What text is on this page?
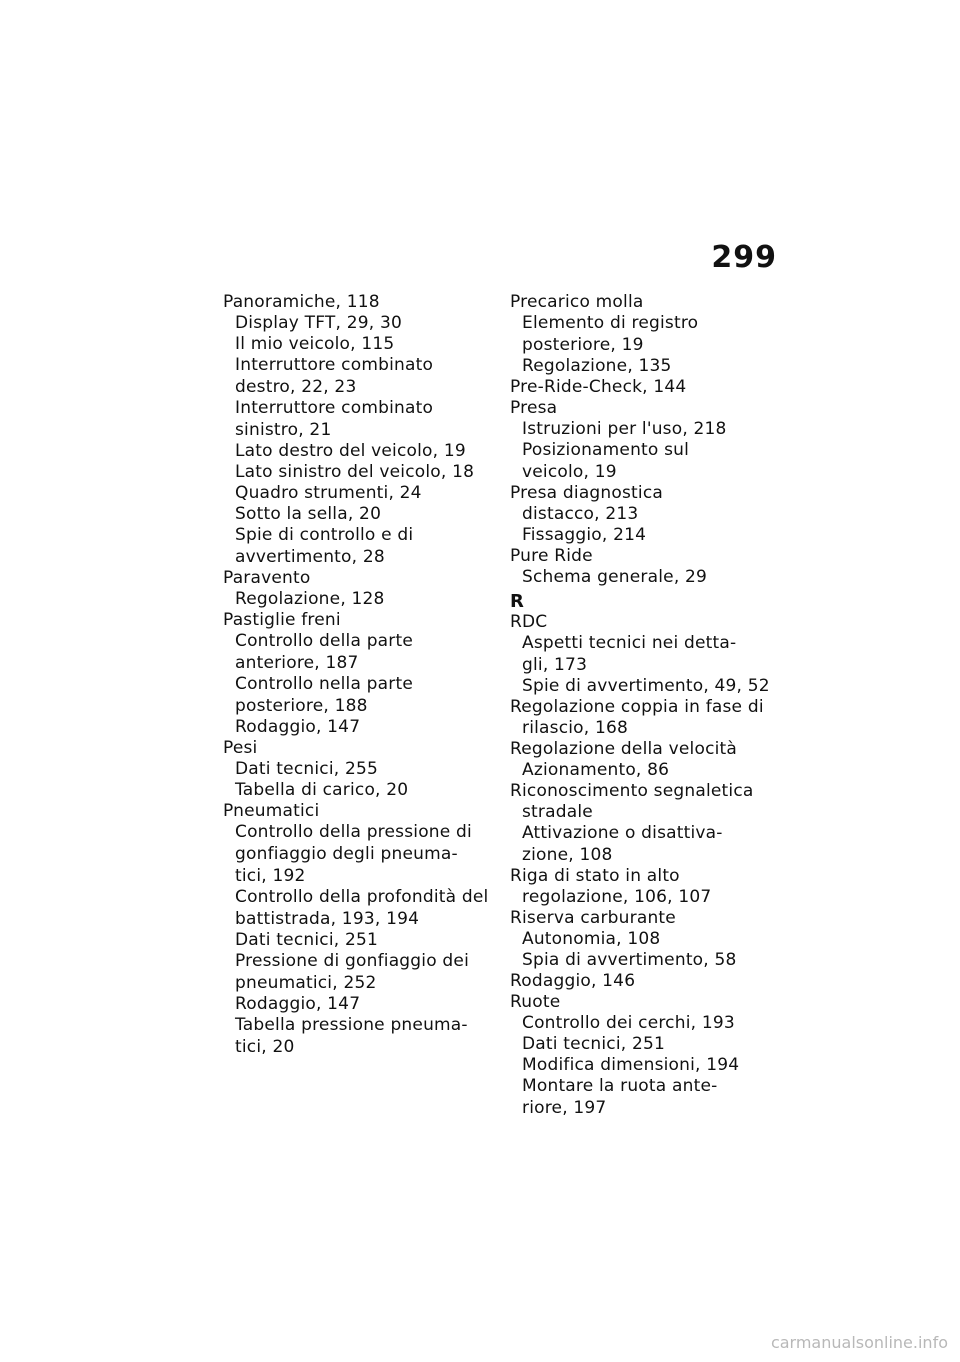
299
Panoramiche, 118
Display TFT, 29, 30
Il mio veicolo, 115
Interruttore combinato
destro, 22, 23
Interruttore combinato
sinistro, 21
Lato destro del veicolo, 19
Lato sinistro del veicolo, 18
Quadro strumenti, 24
Sotto la sella, 20
Spie di controllo e di
avvertimento, 28
Paravento
Regolazione, 128
Pastiglie freni
Controllo della parte
anteriore, 187
Controllo nella parte
posteriore, 188
Rodaggio, 147
Pesi
Dati tecnici, 255
Tabella di carico, 20
Pneumatici
Controllo della pressione di
gonfiaggio degli pneuma-
tici, 192
Controllo della profondità del
battistrada, 193, 194
Dati tecnici, 251
Pressione di gonfiaggio dei
pneumatici, 252
Rodaggio, 147
Tabella pressione pneuma-
tici, 20
Precarico molla
Elemento di registro
posteriore, 19
Regolazione, 135
Pre-Ride-Check, 144
Presa
Istruzioni per l'uso, 218
Posizionamento sul
veicolo, 19
Presa diagnostica
distacco, 213
Fissaggio, 214
Pure Ride
Schema generale, 29
R
RDC
Aspetti tecnici nei detta-
gli, 173
Spie di avvertimento, 49, 52
Regolazione coppia in fase di
rilascio, 168
Regolazione della velocità
Azionamento, 86
Riconoscimento segnaletica
stradale
Attivazione o disattiva-
zione, 108
Riga di stato in alto
regolazione, 106, 107
Riserva carburante
Autonomia, 108
Spia di avvertimento, 58
Rodaggio, 146
Ruote
Controllo dei cerchi, 193
Dati tecnici, 251
Modifica dimensioni, 194
Montare la ruota ante-
riore, 197
carmanualsonline.info
